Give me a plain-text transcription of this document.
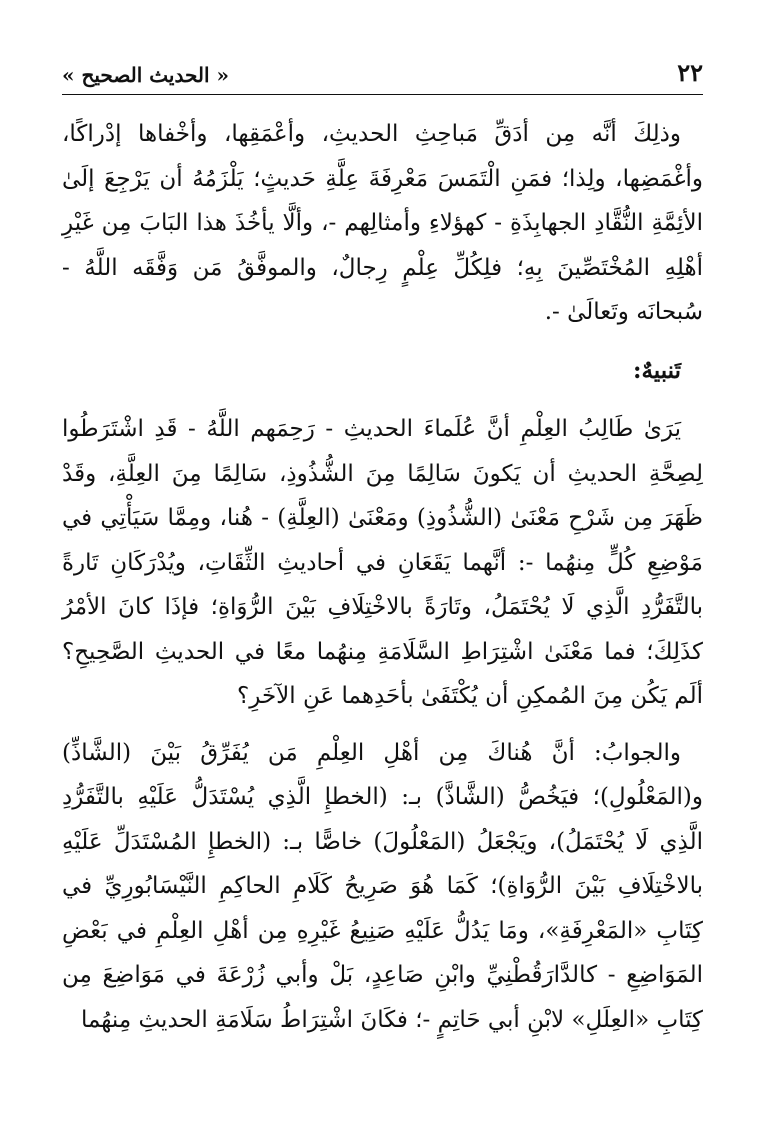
٢٢
« الحديث الصحيح »

وذلِكَ أنَّه مِن أدَقِّ مَباحِثِ الحديثِ، وأعْمَقِها، وأخْفاها إدْراكًا، وأغْمَضِها، ولِذا؛ فمَنِ الْتَمَسَ مَعْرِفَةَ عِلَّةِ حَديثٍ؛ يَلْزَمُهُ أن يَرْجِعَ إلَىٰ الأئِمَّةِ النُّقَّادِ الجهابِذَةِ - كهؤلاءِ وأمثالِهم -، وألَّا يأخُذَ هذا البَابَ مِن غَيْرِ أهْلِهِ المُخْتَصِّينَ بِهِ؛ فلِكُلِّ عِلْمٍ رِجالٌ، والموفَّقُ مَن وَفَّقَه اللَّهُ - سُبحانَه وتَعالَىٰ -.

تَنبيهٌ:

يَرَىٰ طَالِبُ العِلْمِ أنَّ عُلَماءَ الحديثِ - رَحِمَهم اللَّهُ - قَدِ اشْتَرَطُوا لِصِحَّةِ الحديثِ أن يَكونَ سَالِمًا مِنَ الشُّذُوذِ، سَالِمًا مِنَ العِلَّةِ، وقَدْ ظَهَرَ مِن شَرْحِ مَعْنَىٰ (الشُّذُوذِ) ومَعْنَىٰ (العِلَّةِ) - هُنا، ومِمَّا سَيَأْتِي في مَوْضِعِ كُلٍّ مِنهُما -: أنَّهما يَقَعَانِ في أحاديثِ الثِّقَاتِ، ويُدْرَكَانِ تَارةً بالتَّفَرُّدِ الَّذِي لَا يُحْتَمَلُ، وتَارَةً بالاخْتِلَافِ بَيْنَ الرُّوَاةِ؛ فإذَا كانَ الأمْرُ كذَلِكَ؛ فما مَعْنَىٰ اشْتِرَاطِ السَّلَامَةِ مِنهُما معًا في الحديثِ الصَّحِيحِ؟ ألَم يَكُن مِنَ المُمكِنِ أن يُكْتَفَىٰ بأحَدِهما عَنِ الآخَرِ؟

والجوابُ: أنَّ هُناكَ مِن أهْلِ العِلْمِ مَن يُفَرِّقُ بَيْنَ (الشَّاذِّ) و(المَعْلُولِ)؛ فيَخُصُّ (الشَّاذَّ) بـ: (الخطإِ الَّذِي يُسْتَدَلُّ عَلَيْهِ بالتَّفَرُّدِ الَّذِي لَا يُحْتَمَلُ)، ويَجْعَلُ (المَعْلُولَ) خاصًّا بـ: (الخطإِ المُسْتَدَلِّ عَلَيْهِ بالاخْتِلَافِ بَيْنَ الرُّوَاةِ)؛ كَمَا هُوَ صَرِيحُ كَلَامِ الحاكِمِ النَّيْسَابُورِيِّ في كِتَابِ «المَعْرِفَةِ»، ومَا يَدُلُّ عَلَيْهِ صَنِيعُ غَيْرِهِ مِن أهْلِ العِلْمِ في بَعْضِ المَوَاضِعِ - كالدَّارَقُطْنِيِّ وابْنِ صَاعِدٍ، بَلْ وأبي زُرْعَةَ في مَوَاضِعَ مِن كِتَابِ «العِلَلِ» لابْنِ أبي حَاتِمٍ -؛ فكَانَ اشْتِرَاطُ سَلَامَةِ الحديثِ مِنهُما
